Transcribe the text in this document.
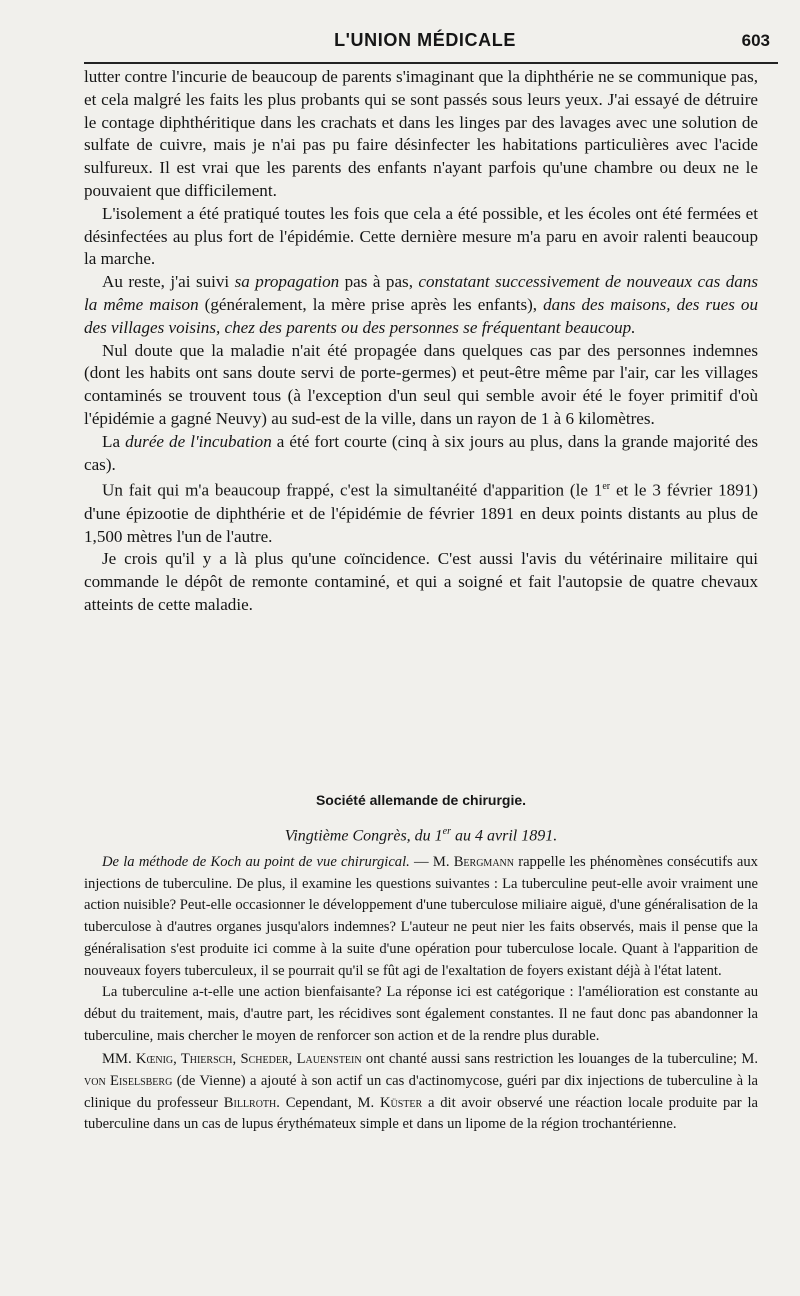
L'UNION MÉDICALE	603

lutter contre l'incurie de beaucoup de parents s'imaginant que la diphthérie ne se communique pas, et cela malgré les faits les plus probants qui se sont passés sous leurs yeux. J'ai essayé de détruire le contage diphthéritique dans les crachats et dans les linges par des lavages avec une solution de sulfate de cuivre, mais je n'ai pas pu faire désinfecter les habitations particulières avec l'acide sulfureux. Il est vrai que les parents des enfants n'ayant parfois qu'une chambre ou deux ne le pouvaient que difficilement.

L'isolement a été pratiqué toutes les fois que cela a été possible, et les écoles ont été fermées et désinfectées au plus fort de l'épidémie. Cette dernière mesure m'a paru en avoir ralenti beaucoup la marche.

Au reste, j'ai suivi sa propagation pas à pas, constatant successivement de nouveaux cas dans la même maison (généralement, la mère prise après les enfants), dans des maisons, des rues ou des villages voisins, chez des parents ou des personnes se fréquentant beaucoup.

Nul doute que la maladie n'ait été propagée dans quelques cas par des personnes indemnes (dont les habits ont sans doute servi de porte-germes) et peut-être même par l'air, car les villages contaminés se trouvent tous (à l'exception d'un seul qui semble avoir été le foyer primitif d'où l'épidémie a gagné Neuvy) au sud-est de la ville, dans un rayon de 1 à 6 kilomètres.

La durée de l'incubation a été fort courte (cinq à six jours au plus, dans la grande majorité des cas).

Un fait qui m'a beaucoup frappé, c'est la simultanéité d'apparition (le 1er et le 3 février 1891) d'une épizootie de diphthérie et de l'épidémie de février 1891 en deux points distants au plus de 1,500 mètres l'un de l'autre.

Je crois qu'il y a là plus qu'une coïncidence. C'est aussi l'avis du vétérinaire militaire qui commande le dépôt de remonte contaminé, et qui a soigné et fait l'autopsie de quatre chevaux atteints de cette maladie.

Société allemande de chirurgie.
Vingtième Congrès, du 1er au 4 avril 1891.

De la méthode de Koch au point de vue chirurgical. — M. Bergmann rappelle les phénomènes consécutifs aux injections de tuberculine. De plus, il examine les questions suivantes : La tuberculine peut-elle avoir vraiment une action nuisible? Peut-elle occasionner le développement d'une tuberculose miliaire aiguë, d'une généralisation de la tuberculose à d'autres organes jusqu'alors indemnes? L'auteur ne peut nier les faits observés, mais il pense que la généralisation s'est produite ici comme à la suite d'une opération pour tuberculose locale. Quant à l'apparition de nouveaux foyers tuberculeux, il se pourrait qu'il se fût agi de l'exaltation de foyers existant déjà à l'état latent.

La tuberculine a-t-elle une action bienfaisante? La réponse ici est catégorique : l'amélioration est constante au début du traitement, mais, d'autre part, les récidives sont également constantes. Il ne faut donc pas abandonner la tuberculine, mais chercher le moyen de renforcer son action et de la rendre plus durable.

MM. Kœnig, Thiersch, Scheder, Lauenstein ont chanté aussi sans restriction les louanges de la tuberculine; M. von Eiselsberg (de Vienne) a ajouté à son actif un cas d'actinomycose, guéri par dix injections de tuberculine à la clinique du professeur Billroth. Cependant, M. Küster a dit avoir observé une réaction locale produite par la tuberculine dans un cas de lupus érythémateux simple et dans un lipome de la région trochantérienne.
